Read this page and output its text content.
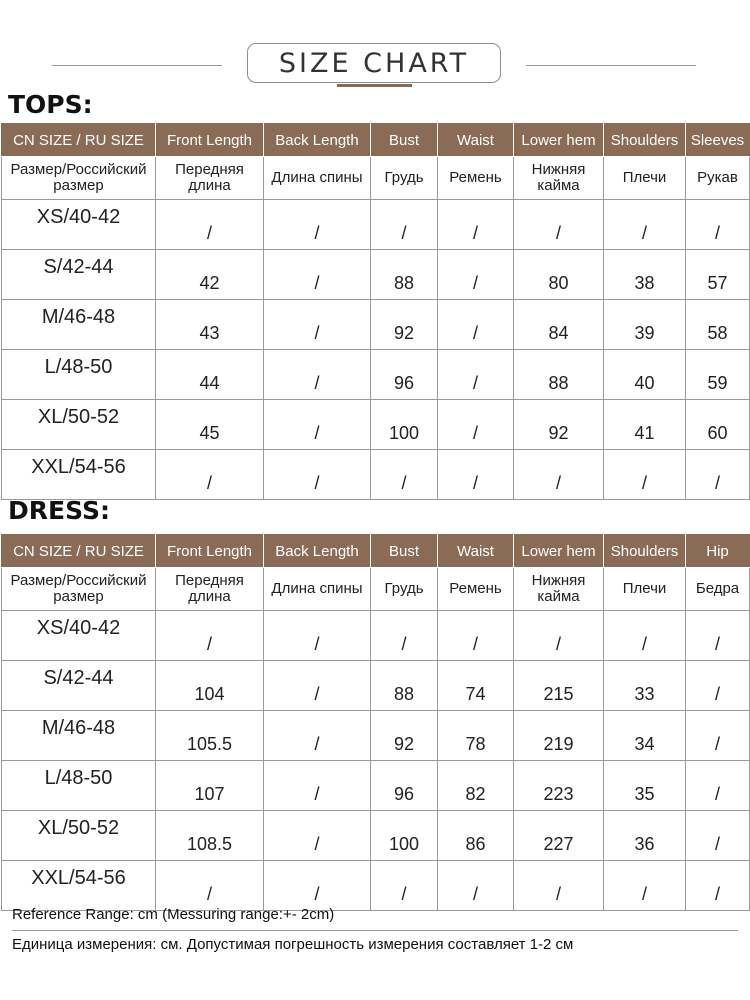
SIZE CHART
TOPS:
CN SIZE / RU SIZE	Front Length	Back Length	Bust	Waist	Lower hem	Shoulders	Sleeves
Размер/Российский размер	Передняя длина	Длина спины	Грудь	Ремень	Нижняя кайма	Плечи	Рукав
XS/40-42	/	/	/	/	/	/	/
S/42-44	42	/	88	/	80	38	57
M/46-48	43	/	92	/	84	39	58
L/48-50	44	/	96	/	88	40	59
XL/50-52	45	/	100	/	92	41	60
XXL/54-56	/	/	/	/	/	/	/
DRESS:
CN SIZE / RU SIZE	Front Length	Back Length	Bust	Waist	Lower hem	Shoulders	Hip
Размер/Российский размер	Передняя длина	Длина спины	Грудь	Ремень	Нижняя кайма	Плечи	Бедра
XS/40-42	/	/	/	/	/	/	/
S/42-44	104	/	88	74	215	33	/
M/46-48	105.5	/	92	78	219	34	/
L/48-50	107	/	96	82	223	35	/
XL/50-52	108.5	/	100	86	227	36	/
XXL/54-56	/	/	/	/	/	/	/
Reference Range: cm (Messuring range:+- 2cm)
Единица измерения: см. Допустимая погрешность измерения составляет 1-2 см
